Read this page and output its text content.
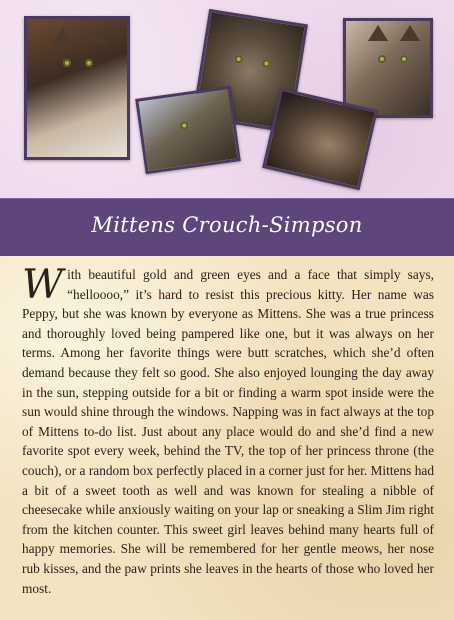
Mittens Crouch-Simpson

With beautiful gold and green eyes and a face that simply says, “helloooo,” it’s hard to resist this precious kitty. Her name was Peppy, but she was known by everyone as Mittens. She was a true princess and thoroughly loved being pampered like one, but it was always on her terms. Among her favorite things were butt scratches, which she’d often demand because they felt so good. She also enjoyed lounging the day away in the sun, stepping outside for a bit or finding a warm spot inside were the sun would shine through the windows. Napping was in fact always at the top of Mittens to-do list. Just about any place would do and she’d find a new favorite spot every week, behind the TV, the top of her princess throne (the couch), or a random box perfectly placed in a corner just for her. Mittens had a bit of a sweet tooth as well and was known for stealing a nibble of cheesecake while anxiously waiting on your lap or sneaking a Slim Jim right from the kitchen counter. This sweet girl leaves behind many hearts full of happy memories. She will be remembered for her gentle meows, her nose rub kisses, and the paw prints she leaves in the hearts of those who loved her most.
